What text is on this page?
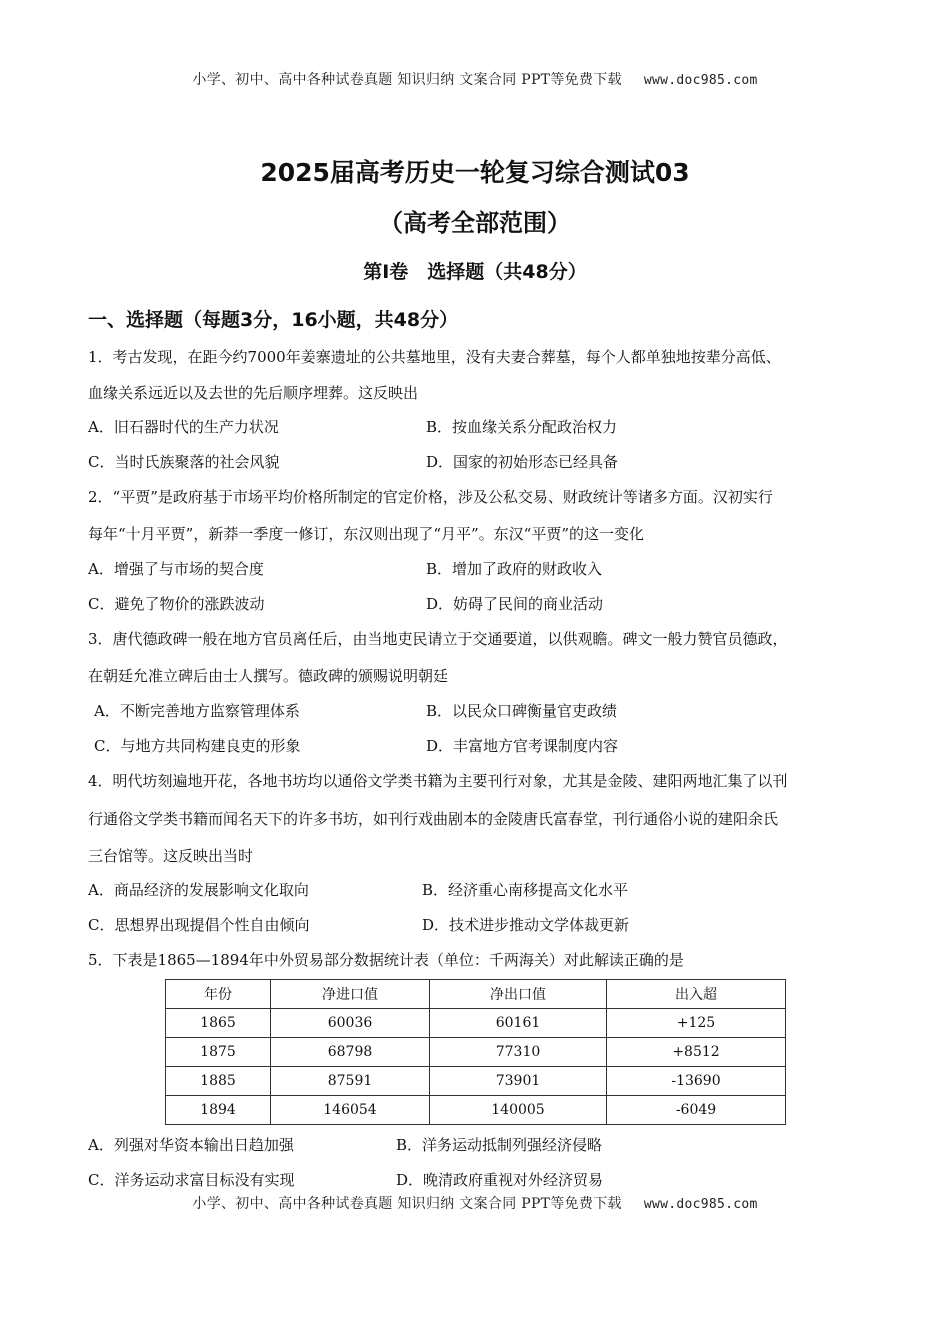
小学、初中、高中各种试卷真题 知识归纳 文案合同 PPT等免费下载 www.doc985.com
2025届高考历史一轮复习综合测试03
（高考全部范围）
第Ⅰ卷　选择题（共48分）
一、选择题（每题3分，16小题，共48分）
1．考古发现，在距今约7000年姜寨遗址的公共墓地里，没有夫妻合葬墓，每个人都单独地按辈分高低、
血缘关系远近以及去世的先后顺序埋葬。这反映出
A．旧石器时代的生产力状况	B．按血缘关系分配政治权力
C．当时氏族聚落的社会风貌	D．国家的初始形态已经具备
2．“平贾”是政府基于市场平均价格所制定的官定价格，涉及公私交易、财政统计等诸多方面。汉初实行
每年“十月平贾”，新莽一季度一修订，东汉则出现了“月平”。东汉“平贾”的这一变化
A．增强了与市场的契合度	B．增加了政府的财政收入
C．避免了物价的涨跌波动	D．妨碍了民间的商业活动
3．唐代德政碑一般在地方官员离任后，由当地吏民请立于交通要道，以供观瞻。碑文一般力赞官员德政，
在朝廷允准立碑后由士人撰写。德政碑的颁赐说明朝廷
A．不断完善地方监察管理体系	B．以民众口碑衡量官吏政绩
C．与地方共同构建良吏的形象	D．丰富地方官考课制度内容
4．明代坊刻遍地开花，各地书坊均以通俗文学类书籍为主要刊行对象，尤其是金陵、建阳两地汇集了以刊
行通俗文学类书籍而闻名天下的许多书坊，如刊行戏曲剧本的金陵唐氏富春堂，刊行通俗小说的建阳余氏
三台馆等。这反映出当时
A．商品经济的发展影响文化取向	B．经济重心南移提高文化水平
C．思想界出现提倡个性自由倾向	D．技术进步推动文学体裁更新
5．下表是1865—1894年中外贸易部分数据统计表（单位：千两海关）对此解读正确的是
年份	净进口值	净出口值	出入超
1865	60036	60161	+125
1875	68798	77310	+8512
1885	87591	73901	-13690
1894	146054	140005	-6049
A．列强对华资本输出日趋加强	B．洋务运动抵制列强经济侵略
C．洋务运动求富目标没有实现	D．晚清政府重视对外经济贸易
小学、初中、高中各种试卷真题 知识归纳 文案合同 PPT等免费下载 www.doc985.com
